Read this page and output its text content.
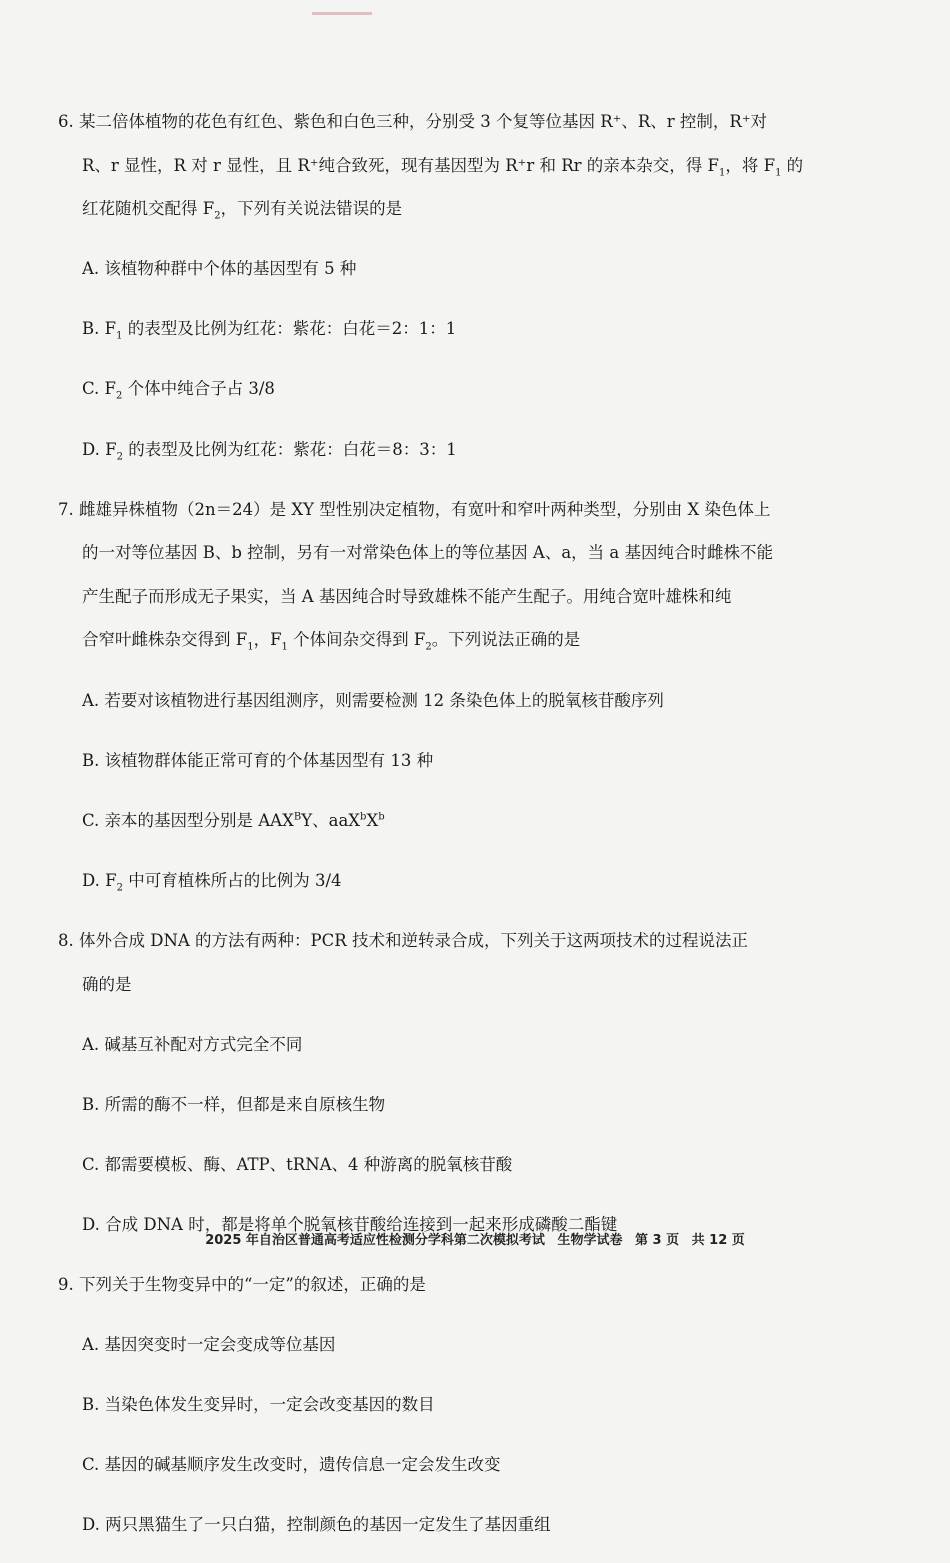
6. 某二倍体植物的花色有红色、紫色和白色三种，分别受 3 个复等位基因 R⁺、R、r 控制，R⁺对

R、r 显性，R 对 r 显性，且 R⁺纯合致死，现有基因型为 R⁺r 和 Rr 的亲本杂交，得 $F_1$，将 $F_1$ 的

红花随机交配得 $F_2$，下列有关说法错误的是

A. 该植物种群中个体的基因型有 5 种

B. $F_1$ 的表型及比例为红花：紫花：白花＝2：1：1

C. $F_2$ 个体中纯合子占 3/8

D. $F_2$ 的表型及比例为红花：紫花：白花＝8：3：1

7. 雌雄异株植物（2n＝24）是 XY 型性别决定植物，有宽叶和窄叶两种类型，分别由 X 染色体上

的一对等位基因 B、b 控制，另有一对常染色体上的等位基因 A、a，当 a 基因纯合时雌株不能

产生配子而形成无子果实，当 A 基因纯合时导致雄株不能产生配子。用纯合宽叶雄株和纯

合窄叶雌株杂交得到 $F_1$，$F_1$ 个体间杂交得到 $F_2$。下列说法正确的是

A. 若要对该植物进行基因组测序，则需要检测 12 条染色体上的脱氧核苷酸序列

B. 该植物群体能正常可育的个体基因型有 13 种

C. 亲本的基因型分别是 $AAX^BY$、$aaX^bX^b$

D. $F_2$ 中可育植株所占的比例为 3/4

8. 体外合成 DNA 的方法有两种：PCR 技术和逆转录合成，下列关于这两项技术的过程说法正

确的是

A. 碱基互补配对方式完全不同

B. 所需的酶不一样，但都是来自原核生物

C. 都需要模板、酶、ATP、tRNA、4 种游离的脱氧核苷酸

D. 合成 DNA 时，都是将单个脱氧核苷酸给连接到一起来形成磷酸二酯键

9. 下列关于生物变异中的“一定”的叙述，正确的是

A. 基因突变时一定会变成等位基因

B. 当染色体发生变异时，一定会改变基因的数目

C. 基因的碱基顺序发生改变时，遗传信息一定会发生改变

D. 两只黑猫生了一只白猫，控制颜色的基因一定发生了基因重组

2025 年自治区普通高考适应性检测分学科第二次模拟考试 生物学试卷 第 3 页 共 12 页
